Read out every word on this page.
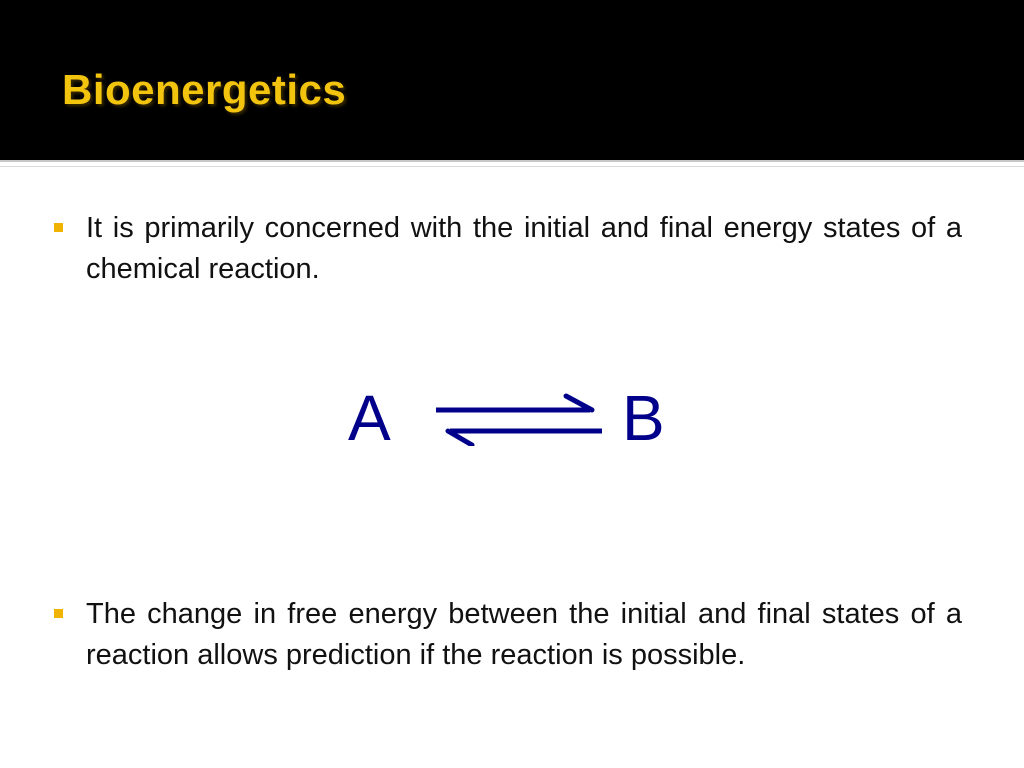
Bioenergetics

It is primarily concerned with the initial and final energy states of a chemical reaction.

A	B

The change in free energy between the initial and final states of a reaction allows prediction if the reaction is possible.
